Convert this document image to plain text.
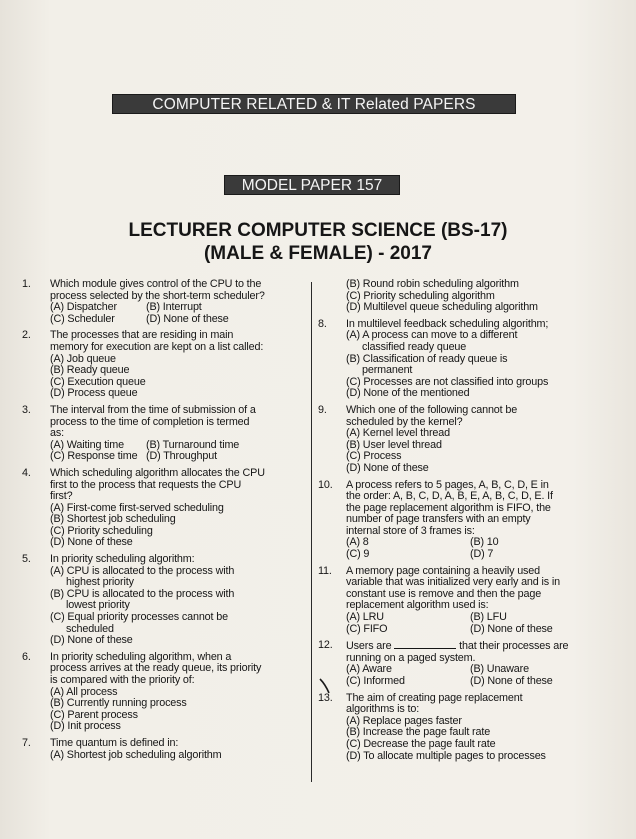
COMPUTER RELATED & IT Related PAPERS
MODEL PAPER 157
LECTURER COMPUTER SCIENCE (BS-17)
(MALE & FEMALE) - 2017
1. Which module gives control of the CPU to the
process selected by the short-term scheduler?
(A) Dispatcher	(B) Interrupt
(C) Scheduler	(D) None of these
2. The processes that are residing in main
memory for execution are kept on a list called:
(A) Job queue
(B) Ready queue
(C) Execution queue
(D) Process queue
3. The interval from the time of submission of a
process to the time of completion is termed
as:
(A) Waiting time	(B) Turnaround time
(C) Response time (D) Throughput
4. Which scheduling algorithm allocates the CPU
first to the process that requests the CPU
first?
(A) First-come first-served scheduling
(B) Shortest job scheduling
(C) Priority scheduling
(D) None of these
5. In priority scheduling algorithm:
(A) CPU is allocated to the process with
highest priority
(B) CPU is allocated to the process with
lowest priority
(C) Equal priority processes cannot be
scheduled
(D) None of these
6. In priority scheduling algorithm, when a
process arrives at the ready queue, its priority
is compared with the priority of:
(A) All process
(B) Currently running process
(C) Parent process
(D) Init process
7. Time quantum is defined in:
(A) Shortest job scheduling algorithm
(B) Round robin scheduling algorithm
(C) Priority scheduling algorithm
(D) Multilevel queue scheduling algorithm
8. In multilevel feedback scheduling algorithm;
(A) A process can move to a different
classified ready queue
(B) Classification of ready queue is
permanent
(C) Processes are not classified into groups
(D) None of the mentioned
9. Which one of the following cannot be
scheduled by the kernel?
(A) Kernel level thread
(B) User level thread
(C) Process
(D) None of these
10. A process refers to 5 pages, A, B, C, D, E in
the order: A, B, C, D, A, B, E, A, B, C, D, E. If
the page replacement algorithm is FIFO, the
number of page transfers with an empty
internal store of 3 frames is:
(A) 8	(B) 10
(C) 9	(D) 7
11. A memory page containing a heavily used
variable that was initialized very early and is in
constant use is remove and then the page
replacement algorithm used is:
(A) LRU	(B) LFU
(C) FIFO	(D) None of these
12. Users are	that their processes are
running on a paged system.
(A) Aware	(B) Unaware
(C) Informed	(D) None of these
13. The aim of creating page replacement
algorithms is to:
(A) Replace pages faster
(B) Increase the page fault rate
(C) Decrease the page fault rate
(D) To allocate multiple pages to processes
